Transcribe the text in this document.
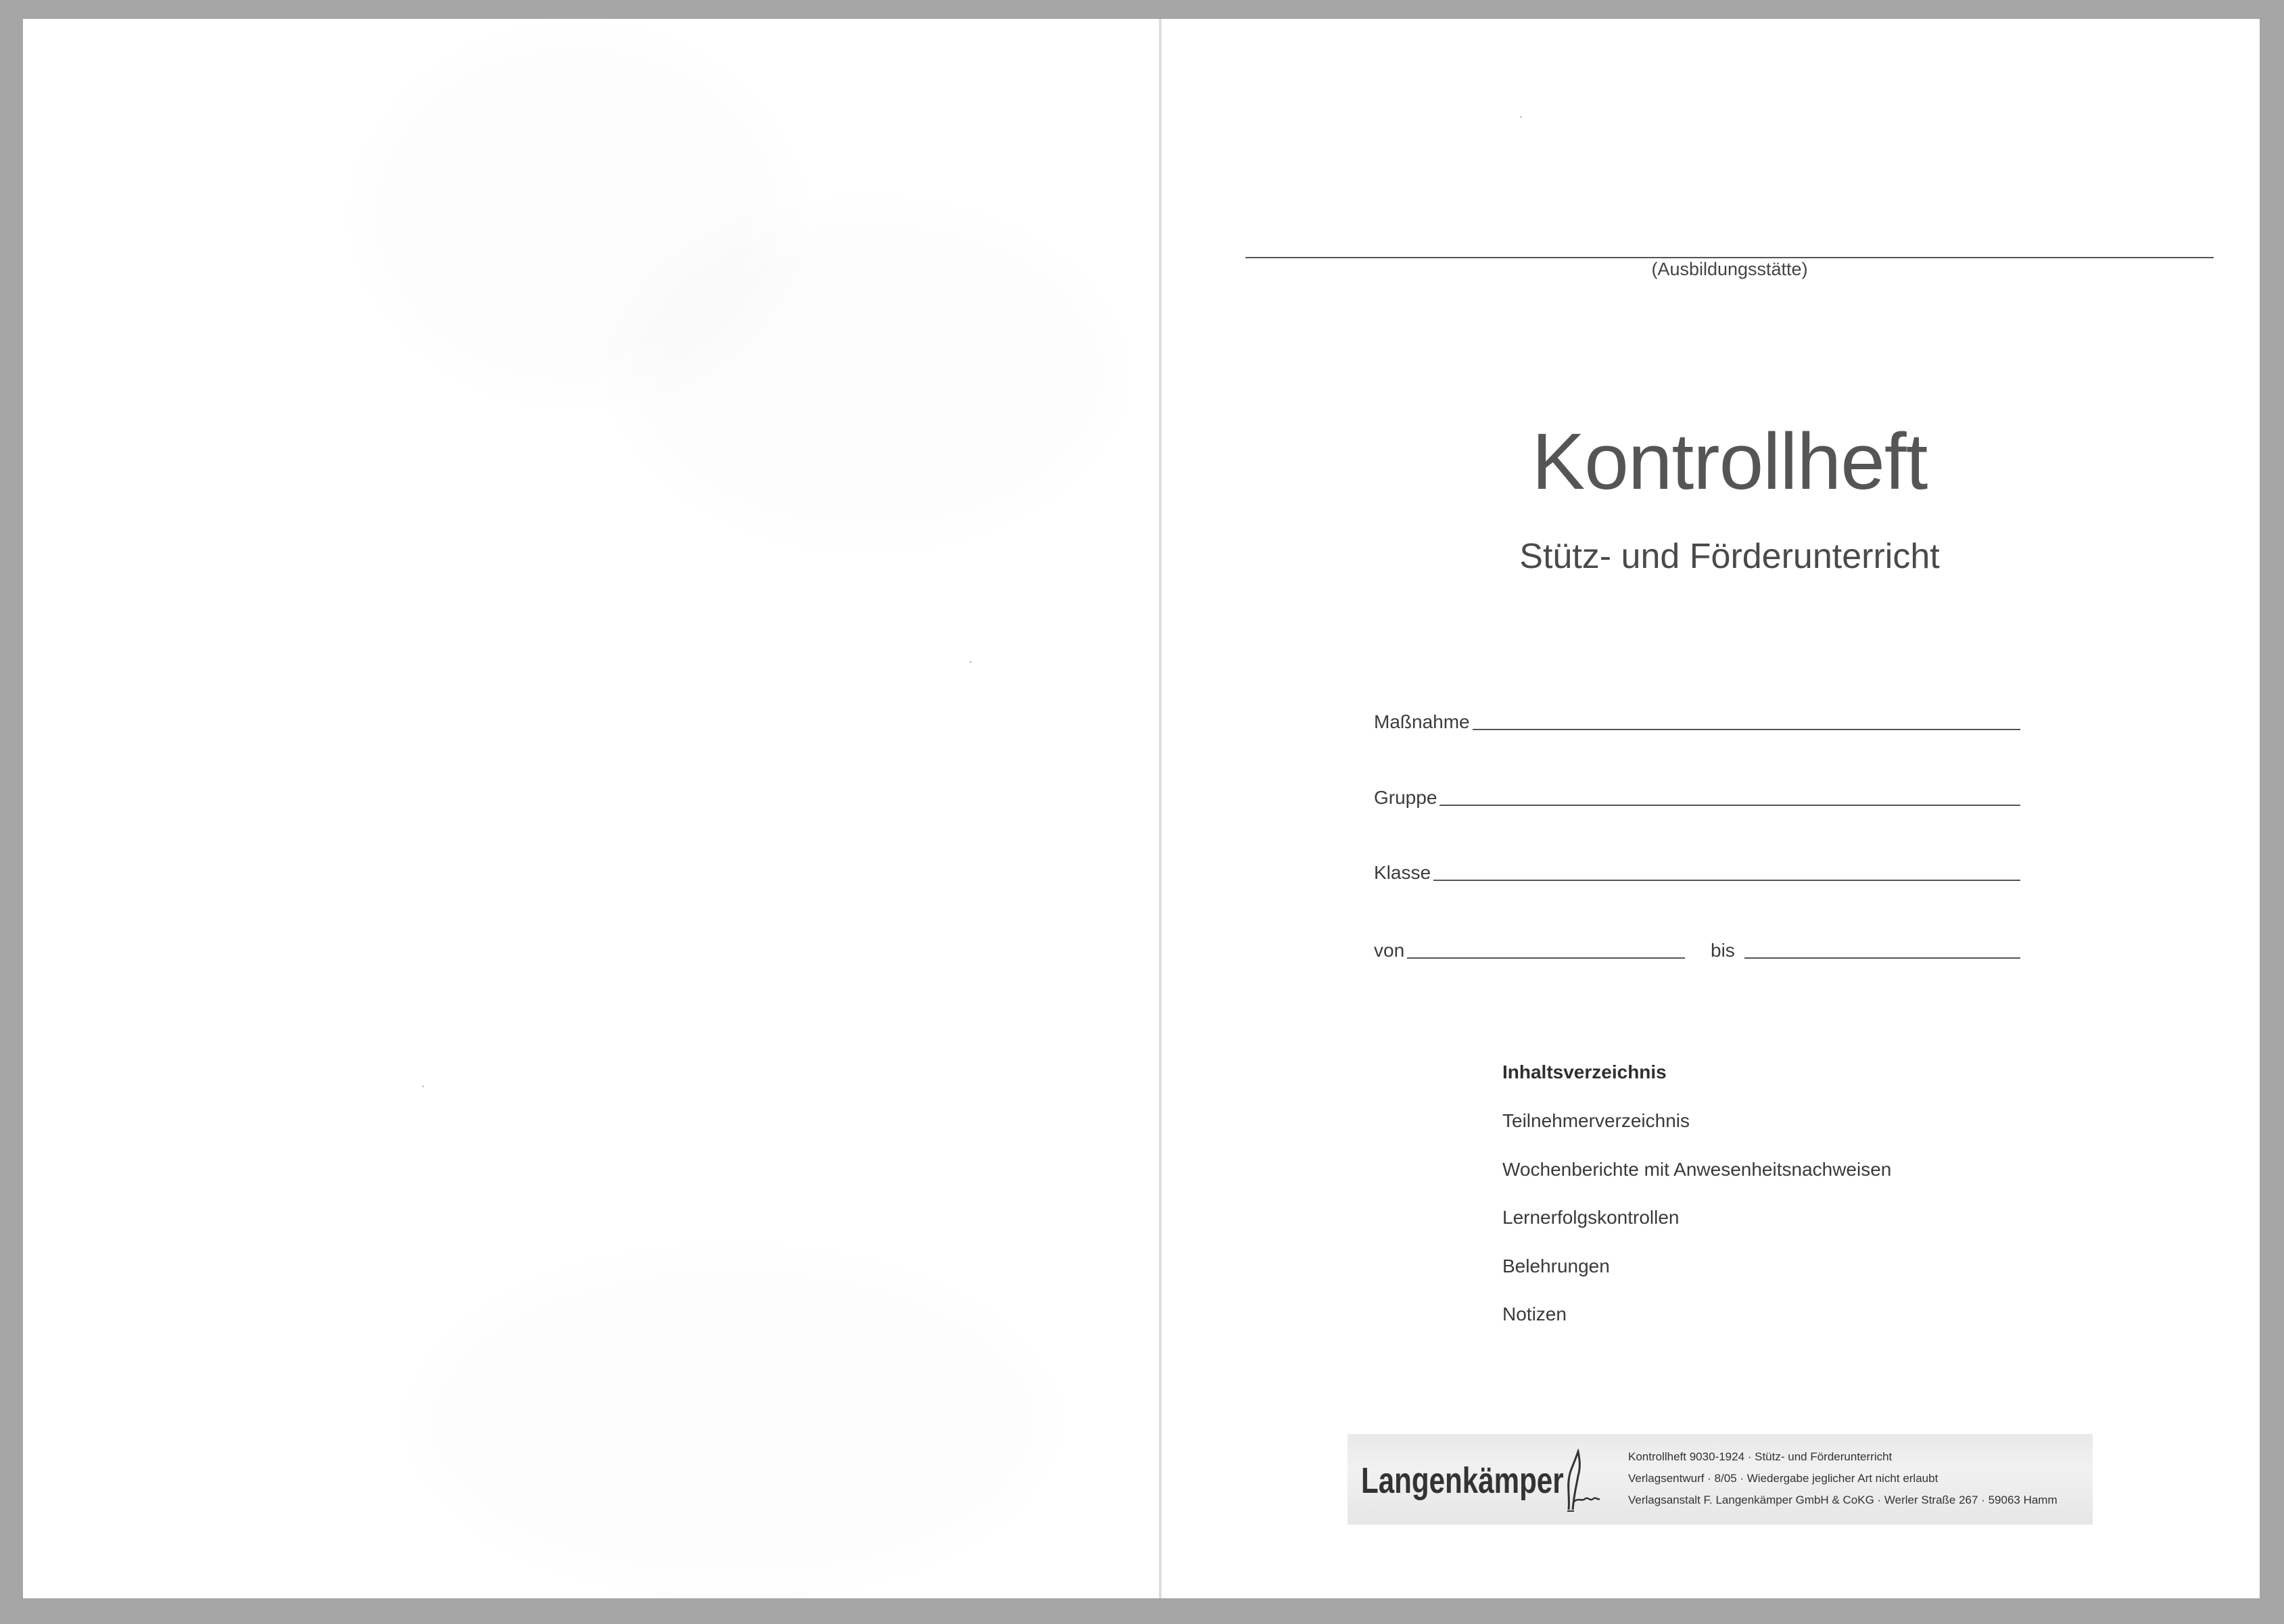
(Ausbildungsstätte)
Kontrollheft
Stütz- und Förderunterricht
Maßnahme
Gruppe
Klasse
von	bis
Inhaltsverzeichnis
Teilnehmerverzeichnis
Wochenberichte mit Anwesenheitsnachweisen
Lernerfolgskontrollen
Belehrungen
Notizen
Langenkämper
Kontrollheft 9030-1924 · Stütz- und Förderunterricht
Verlagsentwurf · 8/05 · Wiedergabe jeglicher Art nicht erlaubt
Verlagsanstalt F. Langenkämper GmbH & CoKG · Werler Straße 267 · 59063 Hamm
